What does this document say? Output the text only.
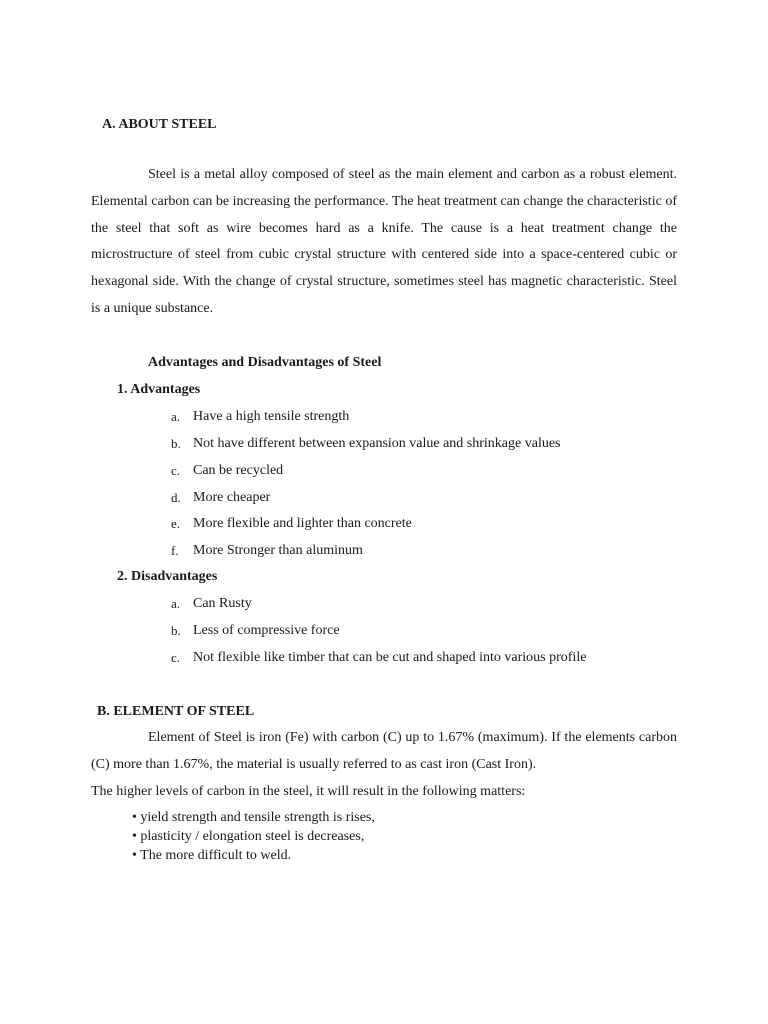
A. ABOUT STEEL
Steel is a metal alloy composed of steel as the main element and carbon as a robust element. Elemental carbon can be increasing the performance. The heat treatment can change the characteristic of the steel that soft as wire becomes hard as a knife. The cause is a heat treatment change the microstructure of steel from cubic crystal structure with centered side into a space-centered cubic or hexagonal side. With the change of crystal structure, sometimes steel has magnetic characteristic. Steel is a unique substance.
Advantages and Disadvantages of Steel
1. Advantages
a. Have a high tensile strength
b. Not have different between expansion value and shrinkage values
c. Can be recycled
d. More cheaper
e. More flexible and lighter than concrete
f. More Stronger than aluminum
2. Disadvantages
a. Can Rusty
b. Less of compressive force
c. Not flexible like timber that can be cut and shaped into various profile
B. ELEMENT OF STEEL
Element of Steel is iron (Fe) with carbon (C) up to 1.67% (maximum). If the elements carbon (C) more than 1.67%, the material is usually referred to as cast iron (Cast Iron).
The higher levels of carbon in the steel, it will result in the following matters:
• yield strength and tensile strength is rises,
• plasticity / elongation steel is decreases,
• The more difficult to weld.
